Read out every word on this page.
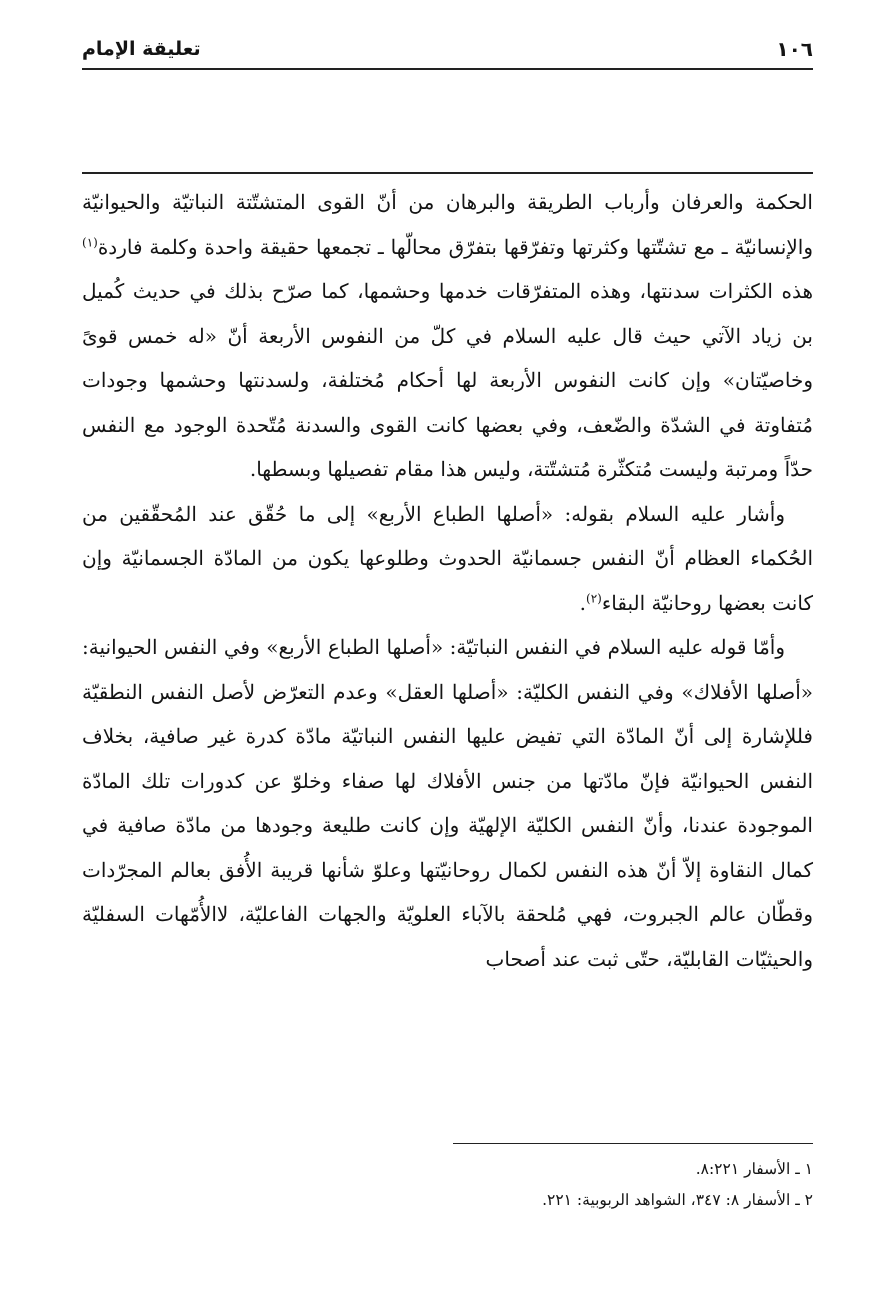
١٠٦
تعليقة الإمام

الحكمة والعرفان وأرباب الطريقة والبرهان من أنّ القوى المتشتّتة النباتيّة والحيوانيّة والإنسانيّة ـ مع تشتّتها وكثرتها وتفرّقها بتفرّق محالّها ـ تجمعها حقيقة واحدة وكلمة فاردة$^{(١)}$ هذه الكثرات سدنتها، وهذه المتفرّقات خدمها وحشمها، كما صرّح بذلك في حديث كُميل بن زياد الآتي حيث قال عليه السلام في كلّ من النفوس الأربعة أنّ «له خمس قوىً وخاصيّتان» وإن كانت النفوس الأربعة لها أحكام مُختلفة، ولسدنتها وحشمها وجودات مُتفاوتة في الشدّة والضّعف، وفي بعضها كانت القوى والسدنة مُتّحدة الوجود مع النفس حدّاً ومرتبة وليست مُتكثّرة مُتشتّتة، وليس هذا مقام تفصيلها وبسطها.

وأشار عليه السلام بقوله: «أصلها الطباع الأربع» إلى ما حُقّق عند المُحقّقين من الحُكماء العظام أنّ النفس جسمانيّة الحدوث وطلوعها يكون من المادّة الجسمانيّة وإن كانت بعضها روحانيّة البقاء$^{(٢)}$.

وأمّا قوله عليه السلام في النفس النباتيّة: «أصلها الطباع الأربع» وفي النفس الحيوانية: «أصلها الأفلاك» وفي النفس الكليّة: «أصلها العقل» وعدم التعرّض لأصل النفس النطقيّة فللإشارة إلى أنّ المادّة التي تفيض عليها النفس النباتيّة مادّة كدرة غير صافية، بخلاف النفس الحيوانيّة فإنّ مادّتها من جنس الأفلاك لها صفاء وخلوّ عن كدورات تلك المادّة الموجودة عندنا، وأنّ النفس الكليّة الإلهيّة وإن كانت طليعة وجودها من مادّة صافية في كمال النقاوة إلاّ أنّ هذه النفس لكمال روحانيّتها وعلوّ شأنها قريبة الأُفق بعالم المجرّدات وقطّان عالم الجبروت، فهي مُلحقة بالآباء العلويّة والجهات الفاعليّة، لاالأُمّهات السفليّة والحيثيّات القابليّة، حتّى ثبت عند أصحاب

١ ـ الأسفار ٨:٢٢١.

٢ ـ الأسفار ٨: ٣٤٧، الشواهد الربوبية: ٢٢١.
